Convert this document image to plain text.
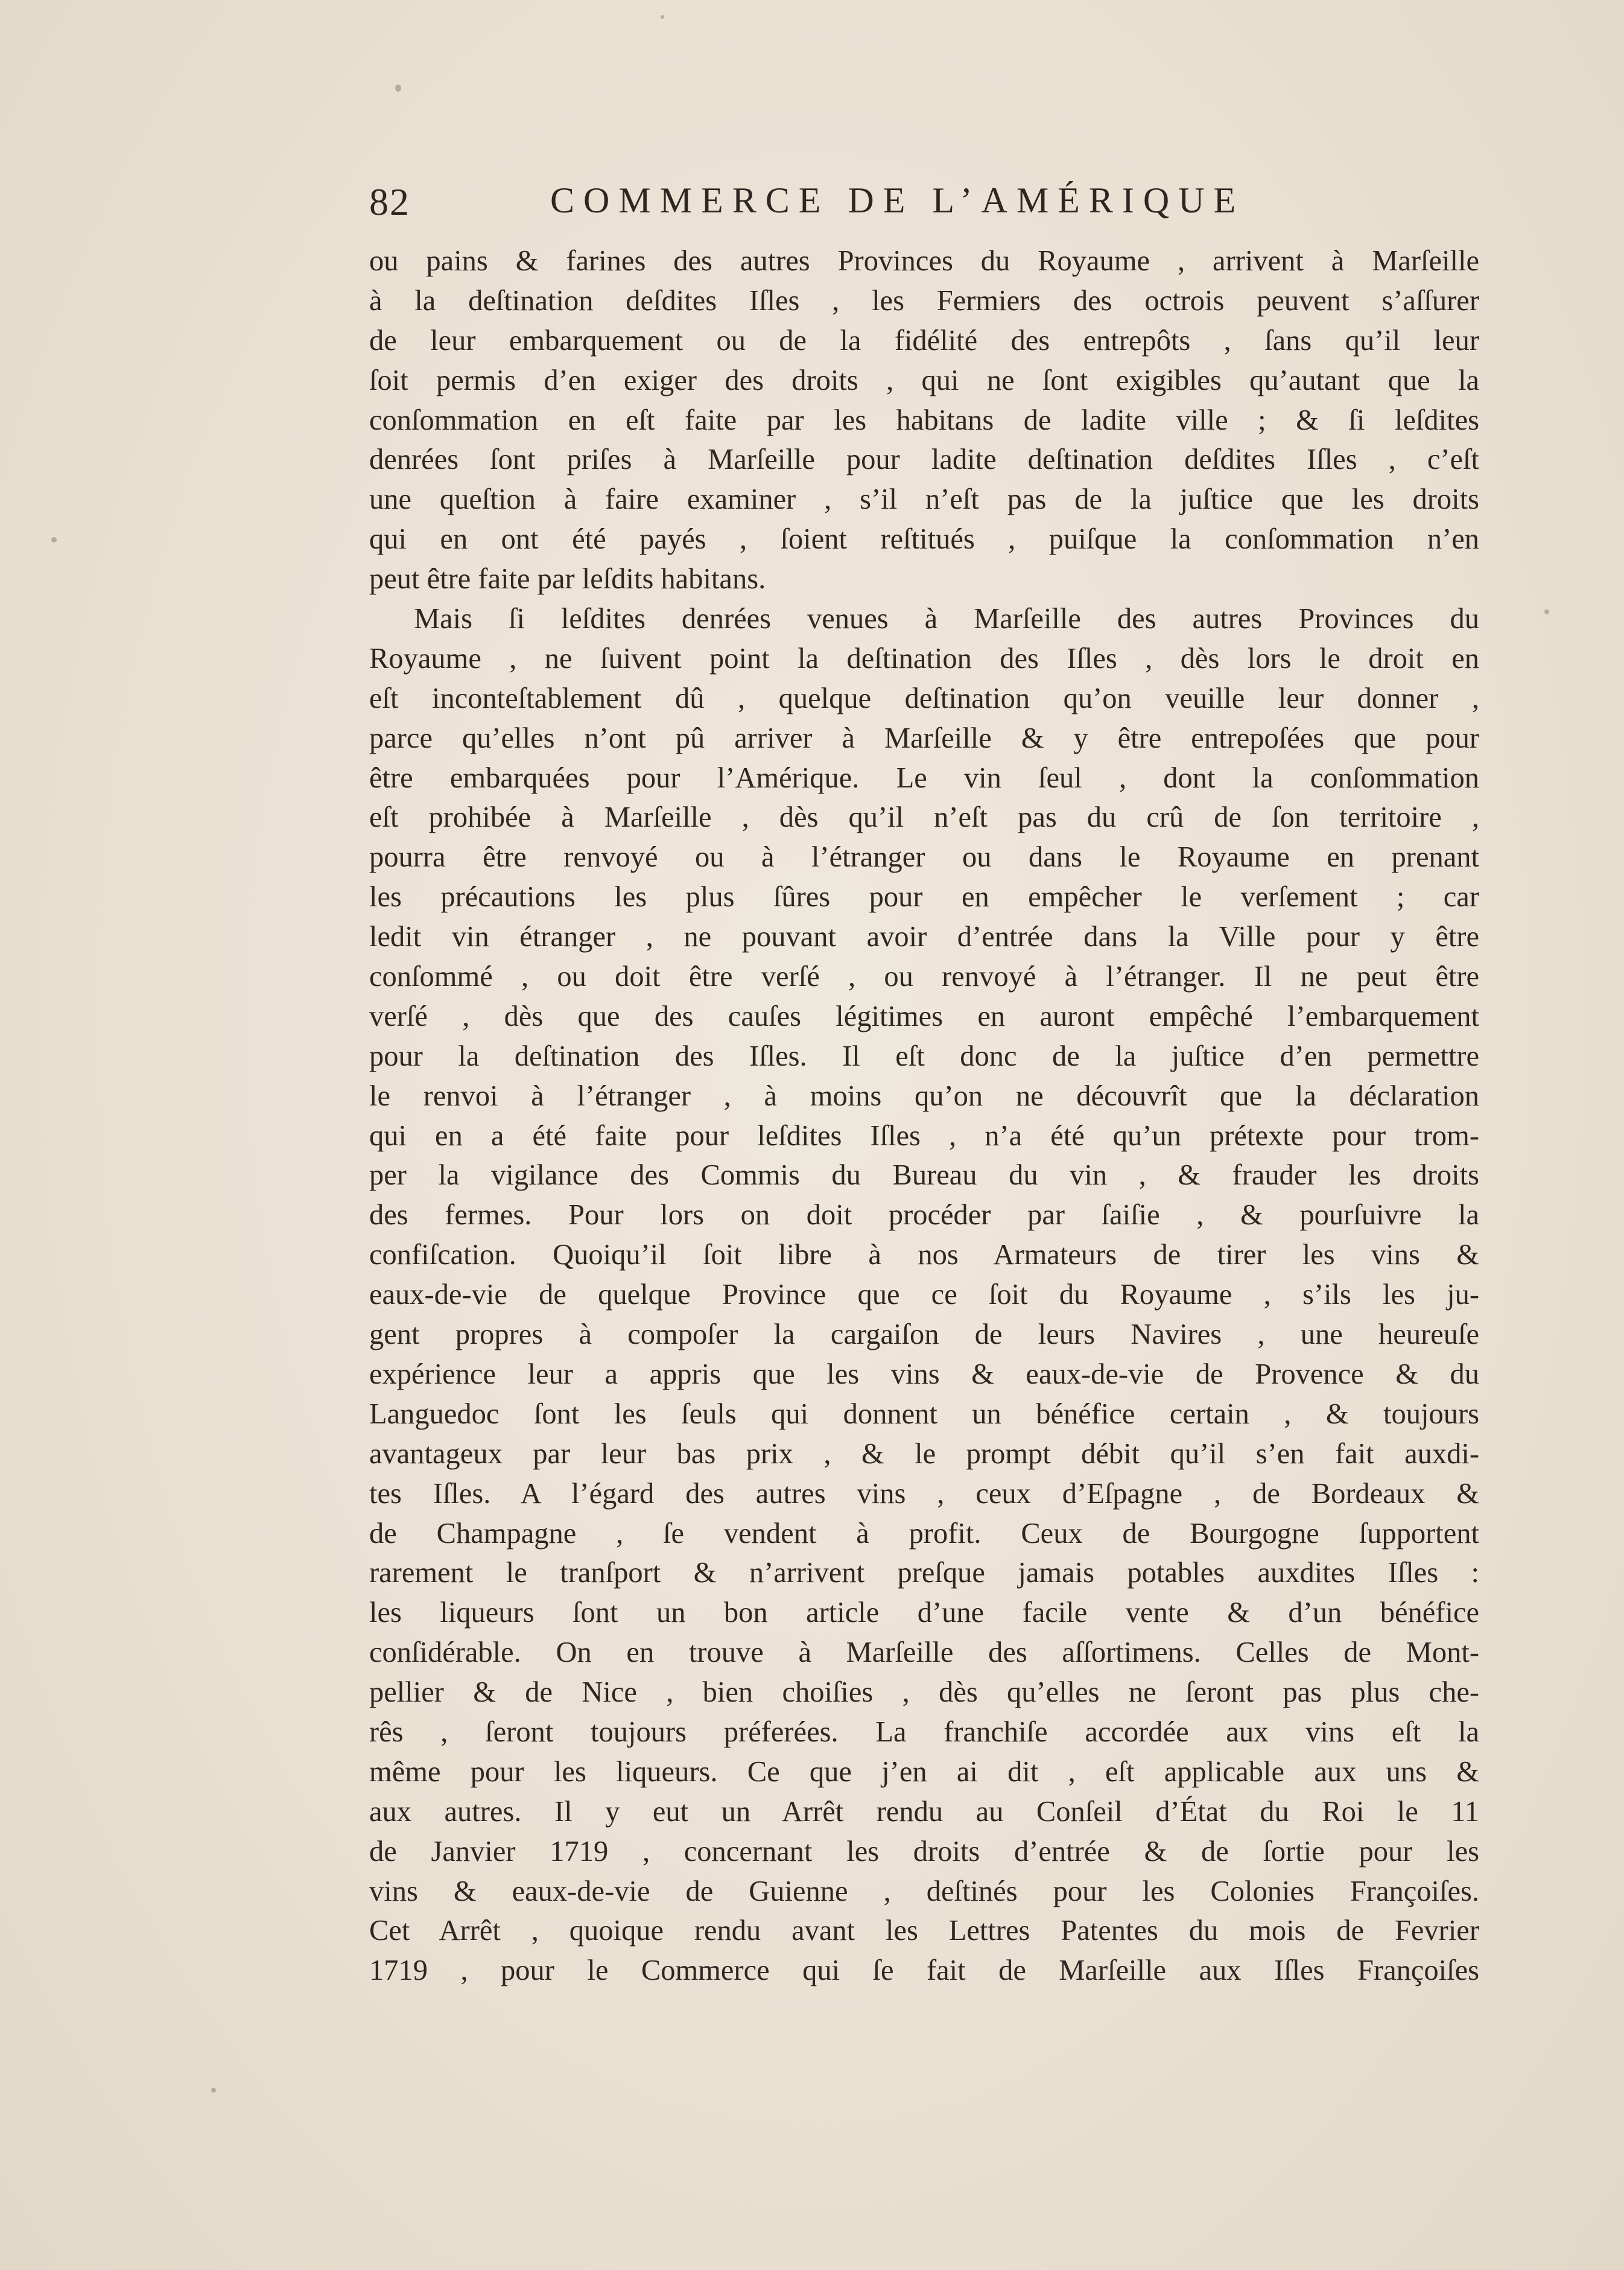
82	COMMERCE DE L’AMÉRIQUE
ou pains & farines des autres Provinces du Royaume , arrivent à Marſeille
à la deſtination deſdites Iſles , les Fermiers des octrois peuvent s’aſſurer
de leur embarquement ou de la fidélité des entrepôts , ſans qu’il leur
ſoit permis d’en exiger des droits , qui ne ſont exigibles qu’autant que la
conſommation en eſt faite par les habitans de ladite ville ; & ſi leſdites
denrées ſont priſes à Marſeille pour ladite deſtination deſdites Iſles , c’eſt
une queſtion à faire examiner , s’il n’eſt pas de la juſtice que les droits
qui en ont été payés , ſoient reſtitués , puiſque la conſommation n’en
peut être faite par leſdits habitans.
Mais ſi leſdites denrées venues à Marſeille des autres Provinces du
Royaume , ne ſuivent point la deſtination des Iſles , dès lors le droit en
eſt inconteſtablement dû , quelque deſtination qu’on veuille leur donner ,
parce qu’elles n’ont pû arriver à Marſeille & y être entrepoſées que pour
être embarquées pour l’Amérique. Le vin ſeul , dont la conſommation
eſt prohibée à Marſeille , dès qu’il n’eſt pas du crû de ſon territoire ,
pourra être renvoyé ou à l’étranger ou dans le Royaume en prenant
les précautions les plus ſûres pour en empêcher le verſement ; car
ledit vin étranger , ne pouvant avoir d’entrée dans la Ville pour y être
conſommé , ou doit être verſé , ou renvoyé à l’étranger. Il ne peut être
verſé , dès que des cauſes légitimes en auront empêché l’embarquement
pour la deſtination des Iſles. Il eſt donc de la juſtice d’en permettre
le renvoi à l’étranger , à moins qu’on ne découvrît que la déclaration
qui en a été faite pour leſdites Iſles , n’a été qu’un prétexte pour trom-
per la vigilance des Commis du Bureau du vin , & frauder les droits
des fermes. Pour lors on doit procéder par ſaiſie , & pourſuivre la
confiſcation. Quoiqu’il ſoit libre à nos Armateurs de tirer les vins &
eaux-de-vie de quelque Province que ce ſoit du Royaume , s’ils les ju-
gent propres à compoſer la cargaiſon de leurs Navires , une heureuſe
expérience leur a appris que les vins & eaux-de-vie de Provence & du
Languedoc ſont les ſeuls qui donnent un bénéfice certain , & toujours
avantageux par leur bas prix , & le prompt débit qu’il s’en fait auxdi-
tes Iſles. A l’égard des autres vins , ceux d’Eſpagne , de Bordeaux &
de Champagne , ſe vendent à profit. Ceux de Bourgogne ſupportent
rarement le tranſport & n’arrivent preſque jamais potables auxdites Iſles :
les liqueurs ſont un bon article d’une facile vente & d’un bénéfice
conſidérable. On en trouve à Marſeille des aſſortimens. Celles de Mont-
pellier & de Nice , bien choiſies , dès qu’elles ne ſeront pas plus che-
rês , ſeront toujours préferées. La franchiſe accordée aux vins eſt la
même pour les liqueurs. Ce que j’en ai dit , eſt applicable aux uns &
aux autres. Il y eut un Arrêt rendu au Conſeil d’État du Roi le 11
de Janvier 1719 , concernant les droits d’entrée & de ſortie pour les
vins & eaux-de-vie de Guienne , deſtinés pour les Colonies Françoiſes.
Cet Arrêt , quoique rendu avant les Lettres Patentes du mois de Fevrier
1719 , pour le Commerce qui ſe fait de Marſeille aux Iſles Françoiſes
